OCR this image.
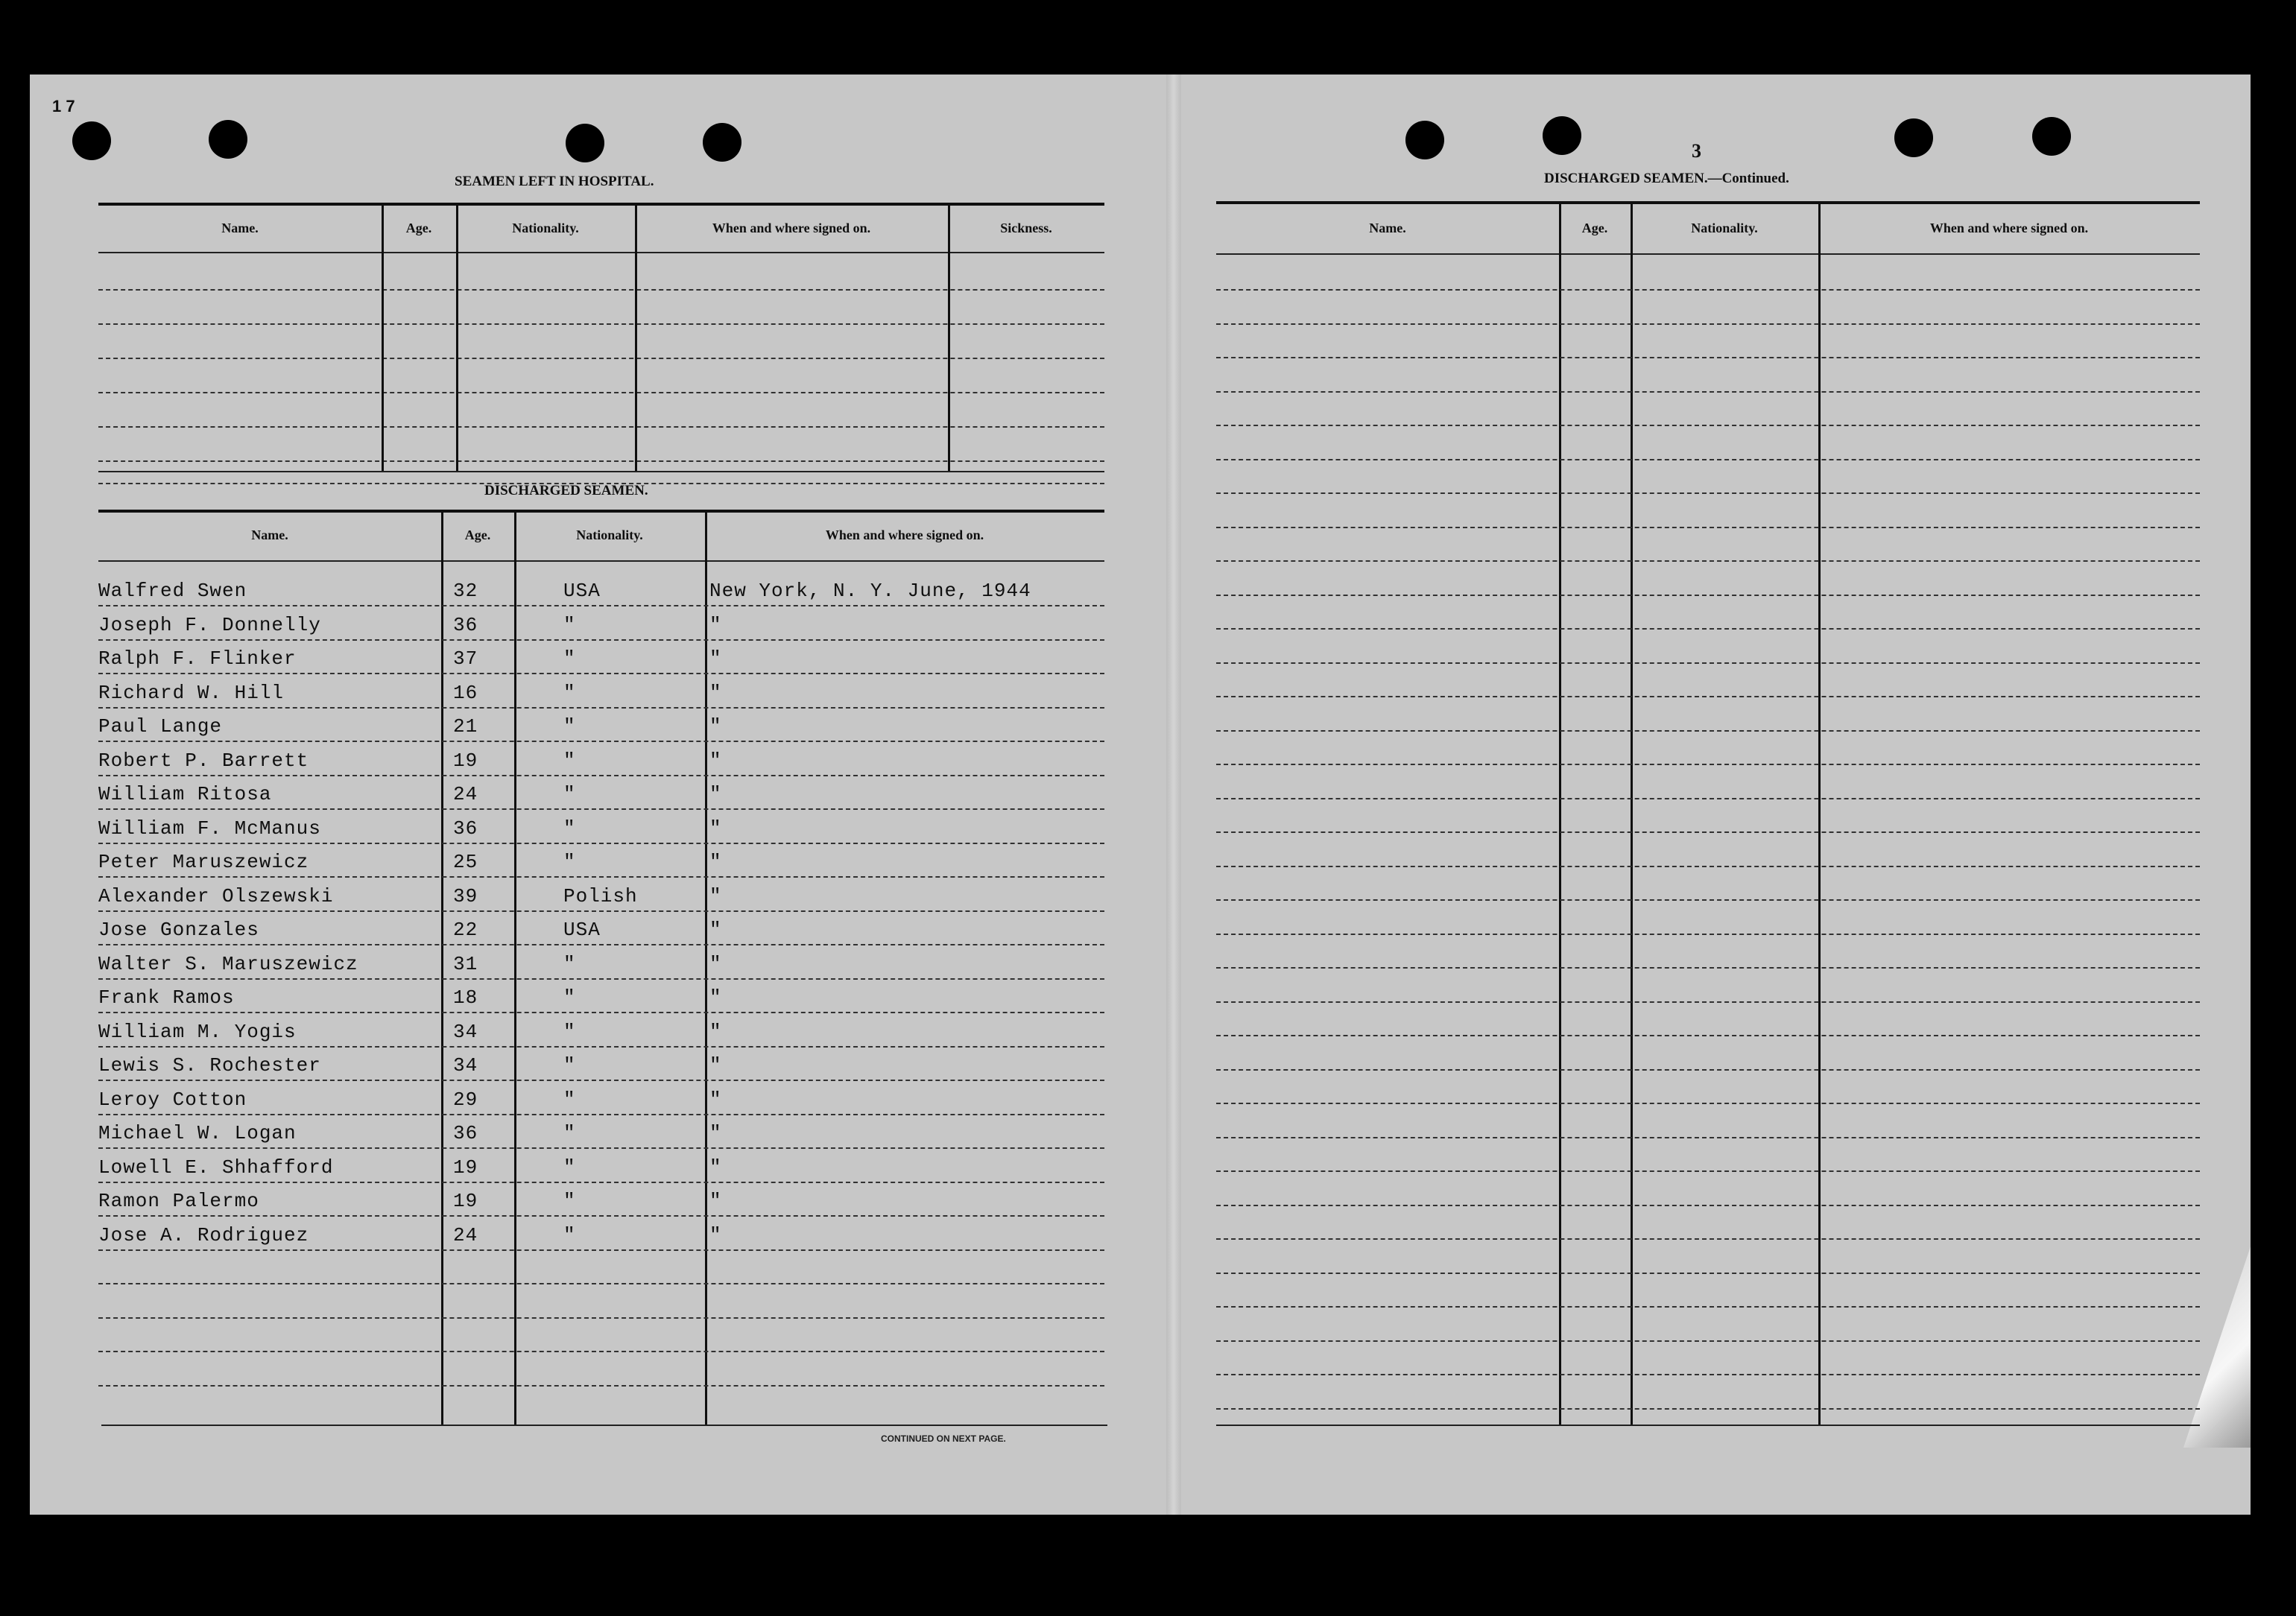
1 7
3
SEAMEN LEFT IN HOSPITAL.
Name.	Age.	Nationality.	When and where signed on.	Sickness.
DISCHARGED SEAMEN.
Name.	Age.	Nationality.	When and where signed on.
Walfred Swen	32	USA	New York, N. Y. June, 1944
Joseph F. Donnelly	36	"	"
Ralph F. Flinker	37	"	"
Richard W. Hill	16	"	"
Paul Lange	21	"	"
Robert P. Barrett	19	"	"
William Ritosa	24	"	"
William F. McManus	36	"	"
Peter Maruszewicz	25	"	"
Alexander Olszewski	39	Polish	"
Jose Gonzales	22	USA	"
Walter S. Maruszewicz	31	"	"
Frank Ramos	18	"	"
William M. Yogis	34	"	"
Lewis S. Rochester	34	"	"
Leroy Cotton	29	"	"
Michael W. Logan	36	"	"
Lowell E. Shhafford	19	"	"
Ramon Palermo	19	"	"
Jose A. Rodriguez	24	"	"
CONTINUED ON NEXT PAGE.
DISCHARGED SEAMEN.—Continued.
Name.	Age.	Nationality.	When and where signed on.
